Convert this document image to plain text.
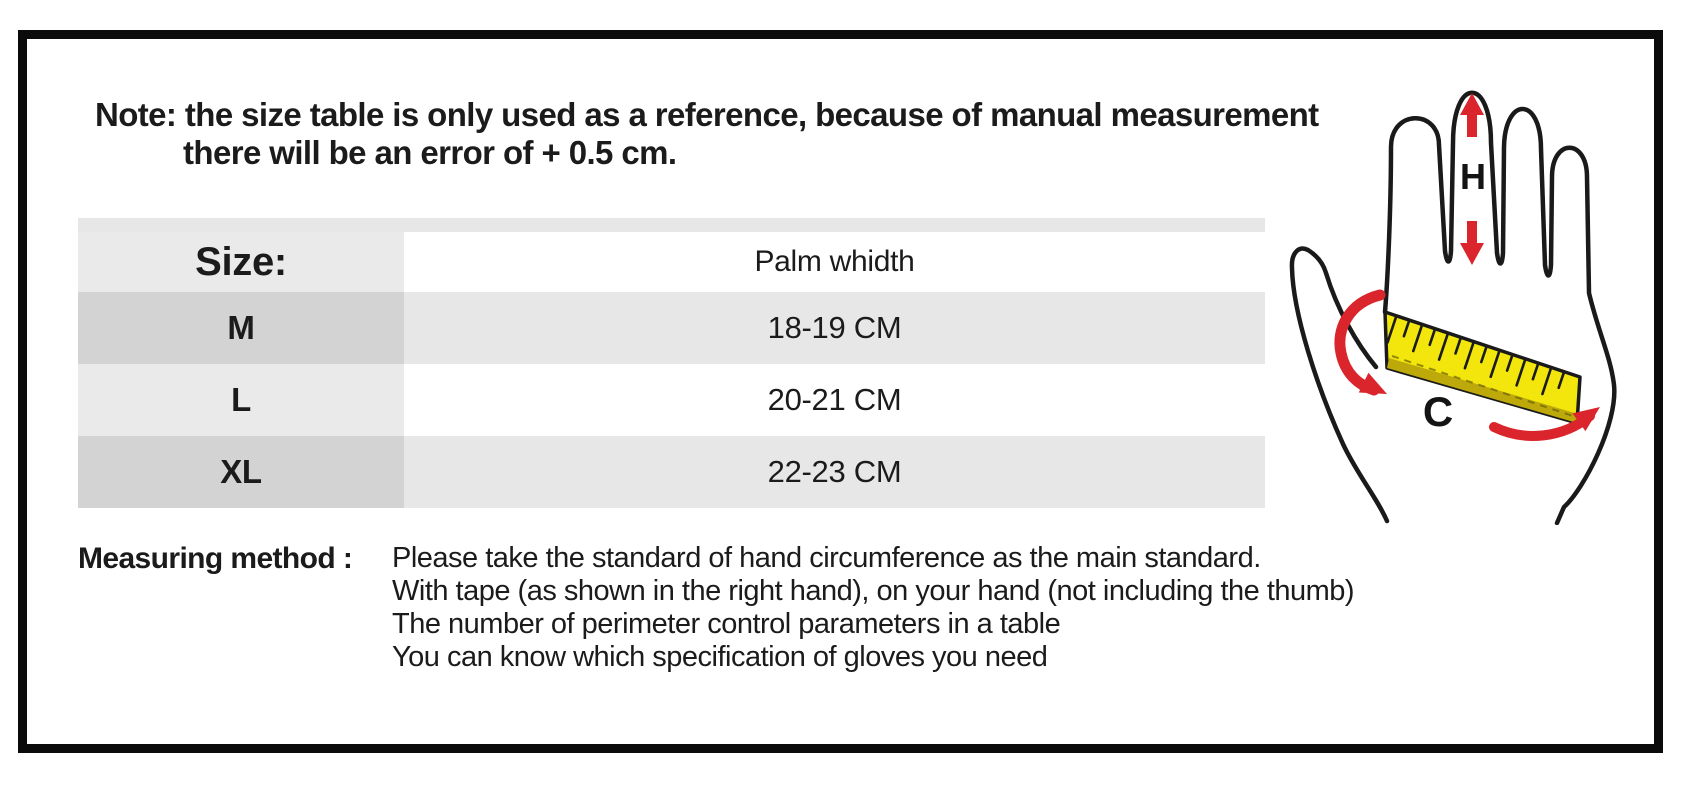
Note: the size table is only used as a reference, because of manual measurement
there will be an error of + 0.5 cm.
Size:	Palm whidth
M	18-19 CM
L	20-21 CM
XL	22-23 CM
Measuring method :	Please take the standard of hand circumference as the main standard.
With tape (as shown in the right hand), on your hand (not including the thumb)
The number of perimeter control parameters in a table
You can know which specification of gloves you need
H
C
